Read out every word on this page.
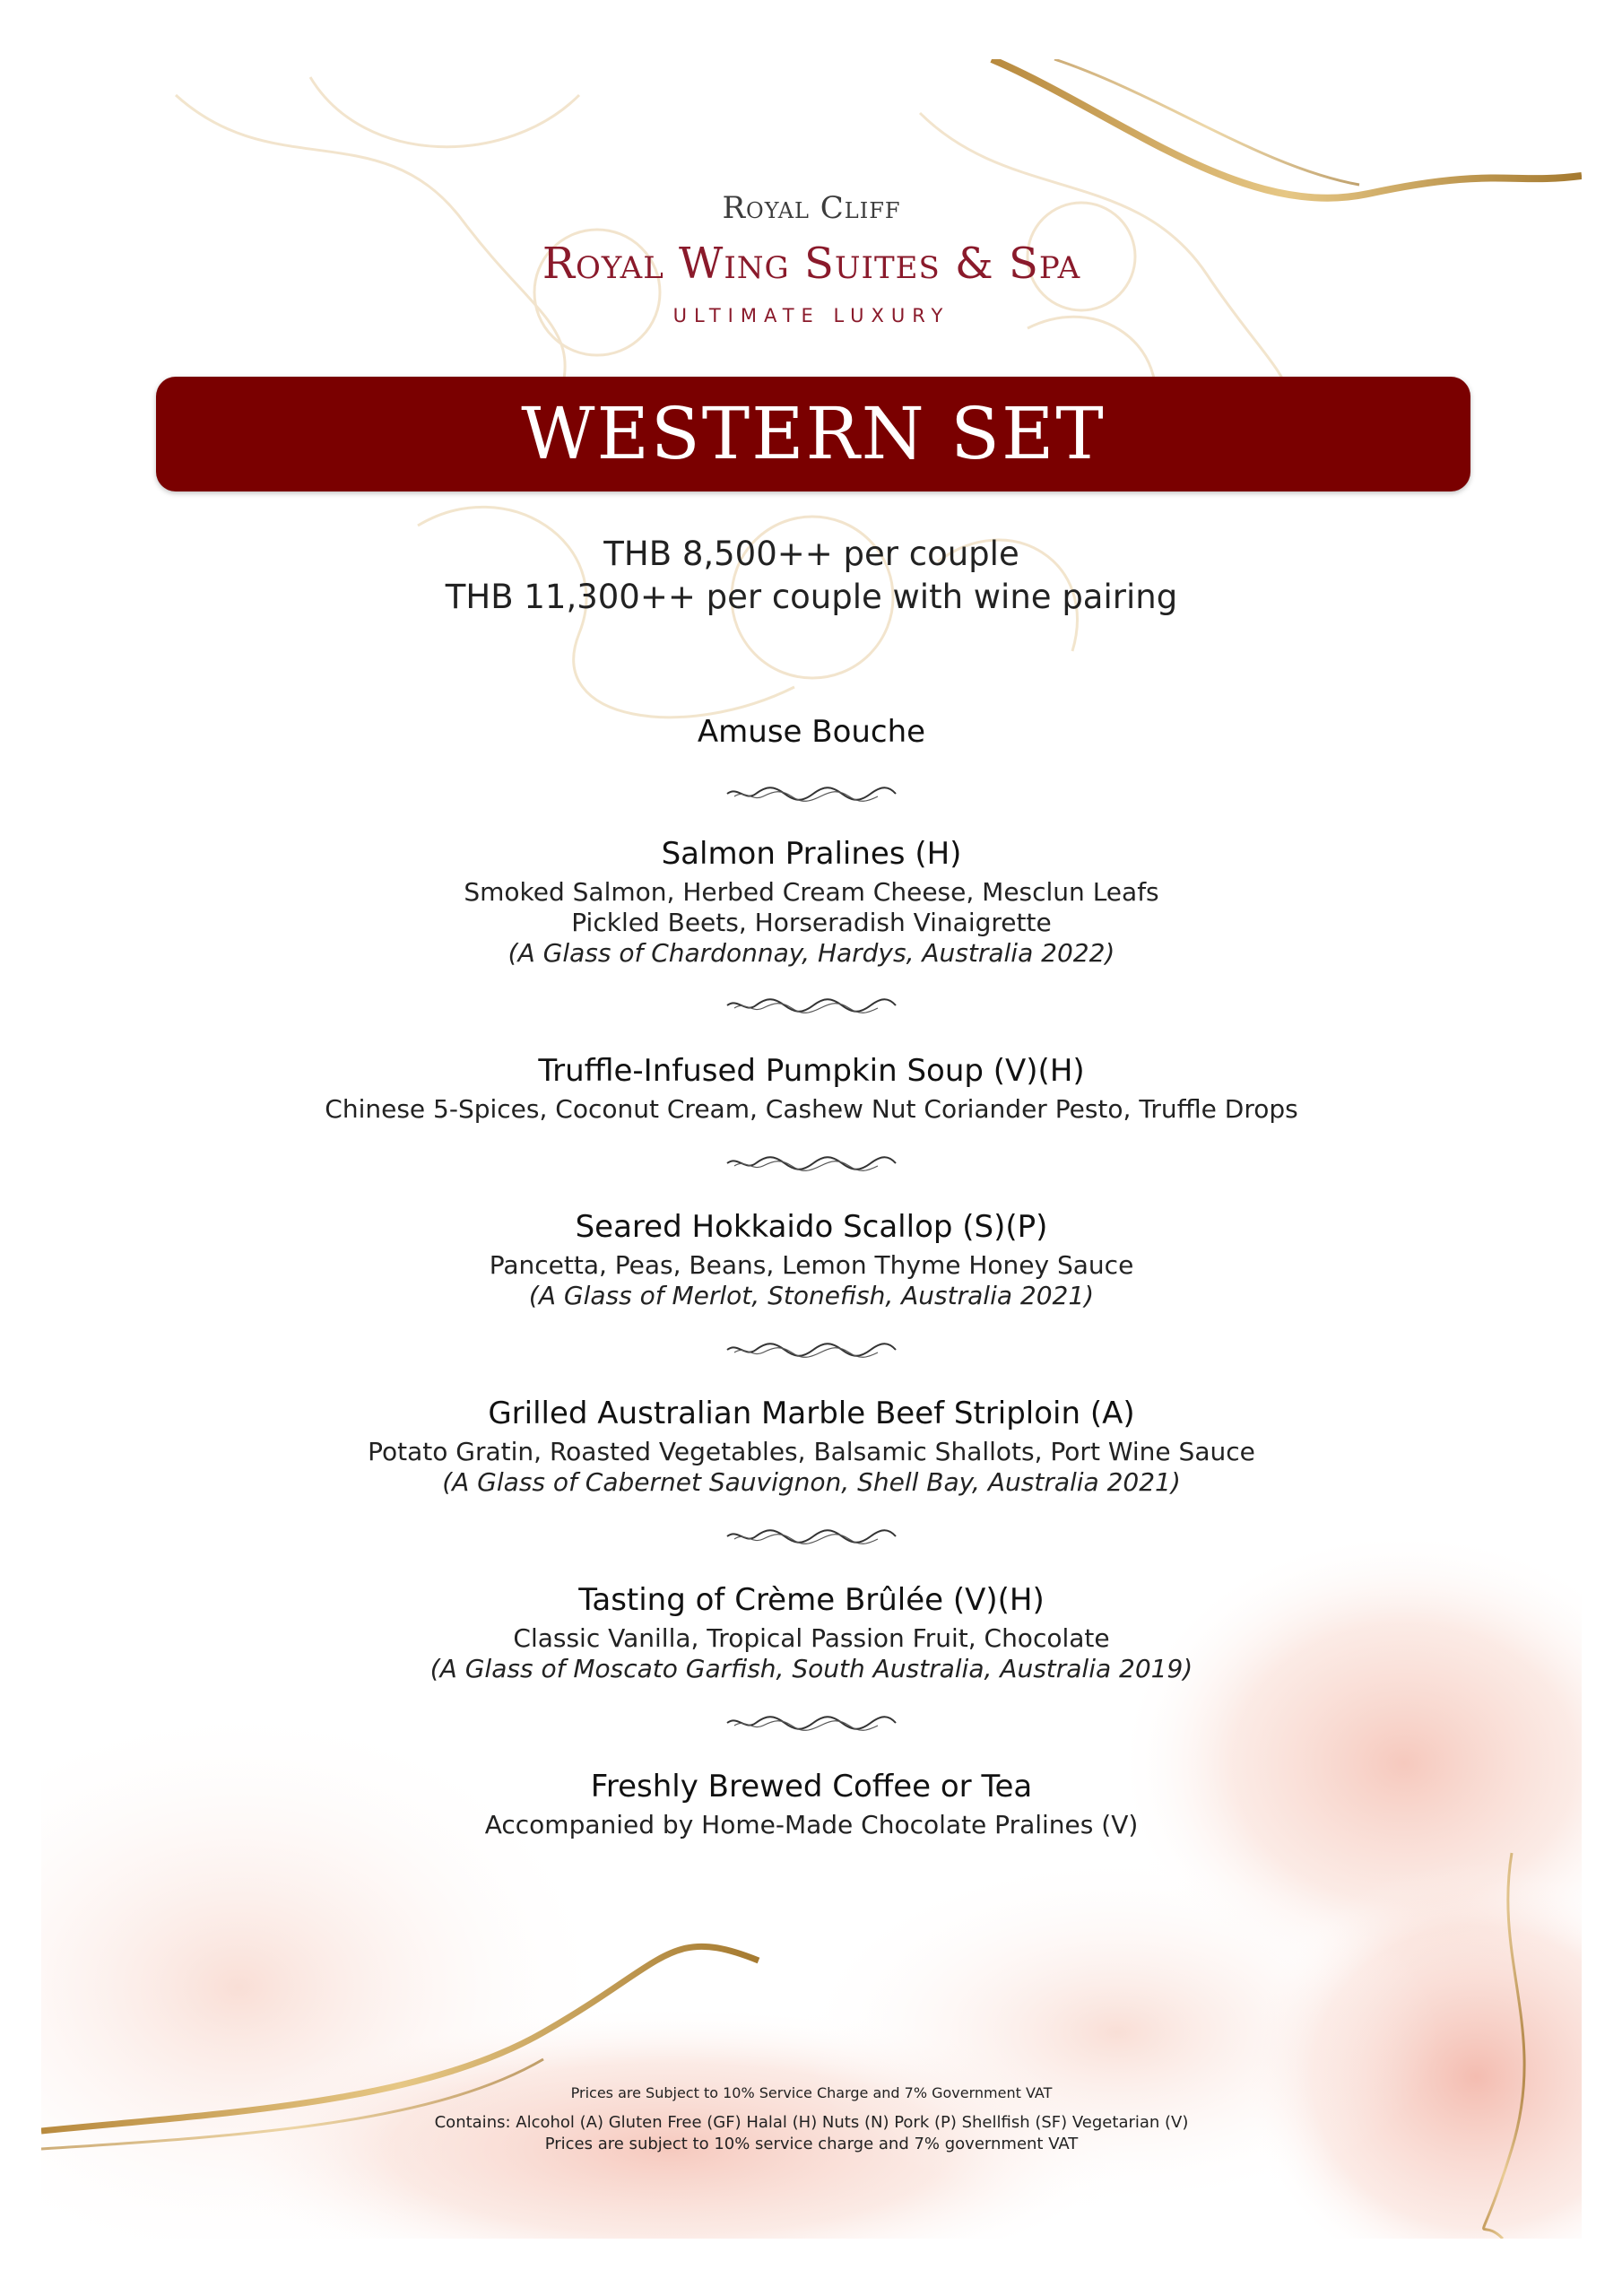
Royal Cliff
Royal Wing Suites & Spa
ULTIMATE LUXURY
WESTERN SET
THB 8,500++ per couple
THB 11,300++ per couple with wine pairing
Amuse Bouche
Salmon Pralines (H)
Smoked Salmon, Herbed Cream Cheese, Mesclun Leafs
Pickled Beets, Horseradish Vinaigrette
(A Glass of Chardonnay, Hardys, Australia 2022)
Truffle-Infused Pumpkin Soup (V)(H)
Chinese 5-Spices, Coconut Cream, Cashew Nut Coriander Pesto, Truffle Drops
Seared Hokkaido Scallop (S)(P)
Pancetta, Peas, Beans, Lemon Thyme Honey Sauce
(A Glass of Merlot, Stonefish, Australia 2021)
Grilled Australian Marble Beef Striploin (A)
Potato Gratin, Roasted Vegetables, Balsamic Shallots, Port Wine Sauce
(A Glass of Cabernet Sauvignon, Shell Bay, Australia 2021)
Tasting of Crème Brûlée (V)(H)
Classic Vanilla, Tropical Passion Fruit, Chocolate
(A Glass of Moscato Garfish, South Australia, Australia 2019)
Freshly Brewed Coffee or Tea
Accompanied by Home-Made Chocolate Pralines (V)
Prices are Subject to 10% Service Charge and 7% Government VAT
Contains: Alcohol (A) Gluten Free (GF) Halal (H) Nuts (N) Pork (P) Shellfish (SF) Vegetarian (V)
Prices are subject to 10% service charge and 7% government VAT
